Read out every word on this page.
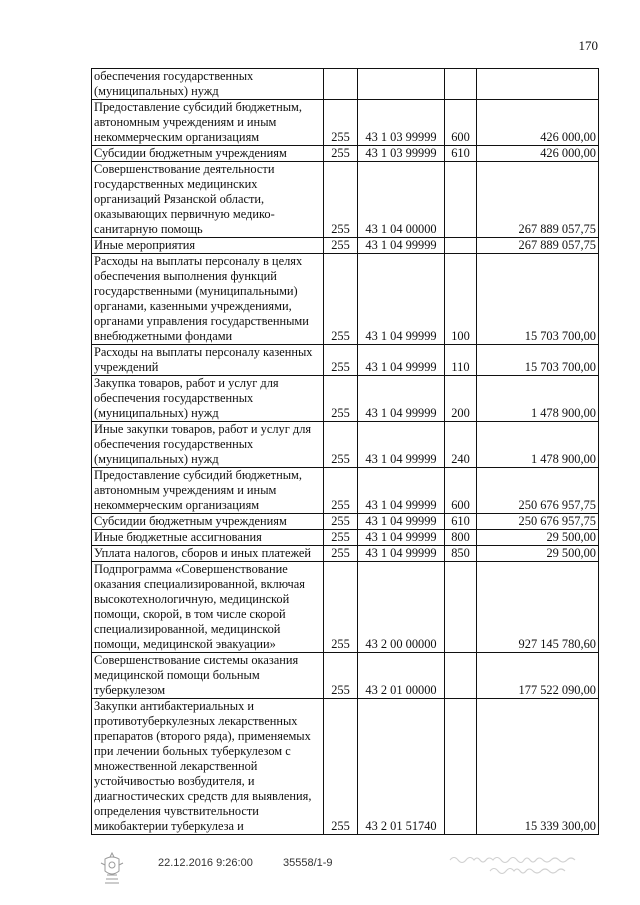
170
обеспечения государственных (муниципальных) нужд				
Предоставление субсидий бюджетным, автономным учреждениям и иным некоммерческим организациям	255	43 1 03 99999	600	426 000,00
Субсидии бюджетным учреждениям	255	43 1 03 99999	610	426 000,00
Совершенствование деятельности государственных медицинских организаций Рязанской области, оказывающих первичную медико-санитарную помощь	255	43 1 04 00000		267 889 057,75
Иные мероприятия	255	43 1 04 99999		267 889 057,75
Расходы на выплаты персоналу в целях обеспечения выполнения функций государственными (муниципальными) органами, казенными учреждениями, органами управления государственными внебюджетными фондами	255	43 1 04 99999	100	15 703 700,00
Расходы на выплаты персоналу казенных учреждений	255	43 1 04 99999	110	15 703 700,00
Закупка товаров, работ и услуг для обеспечения государственных (муниципальных) нужд	255	43 1 04 99999	200	1 478 900,00
Иные закупки товаров, работ и услуг для обеспечения государственных (муниципальных) нужд	255	43 1 04 99999	240	1 478 900,00
Предоставление субсидий бюджетным, автономным учреждениям и иным некоммерческим организациям	255	43 1 04 99999	600	250 676 957,75
Субсидии бюджетным учреждениям	255	43 1 04 99999	610	250 676 957,75
Иные бюджетные ассигнования	255	43 1 04 99999	800	29 500,00
Уплата налогов, сборов и иных платежей	255	43 1 04 99999	850	29 500,00
Подпрограмма «Совершенствование оказания специализированной, включая высокотехнологичную, медицинской помощи, скорой, в том числе скорой специализированной, медицинской помощи, медицинской эвакуации»	255	43 2 00 00000		927 145 780,60
Совершенствование системы оказания медицинской помощи больным туберкулезом	255	43 2 01 00000		177 522 090,00
Закупки антибактериальных и противотуберкулезных лекарственных препаратов (второго ряда), применяемых при лечении больных туберкулезом с множественной лекарственной устойчивостью возбудителя, и диагностических средств для выявления, определения чувствительности микобактерии туберкулеза и	255	43 2 01 51740		15 339 300,00
22.12.2016 9:26:00	35558/1-9
